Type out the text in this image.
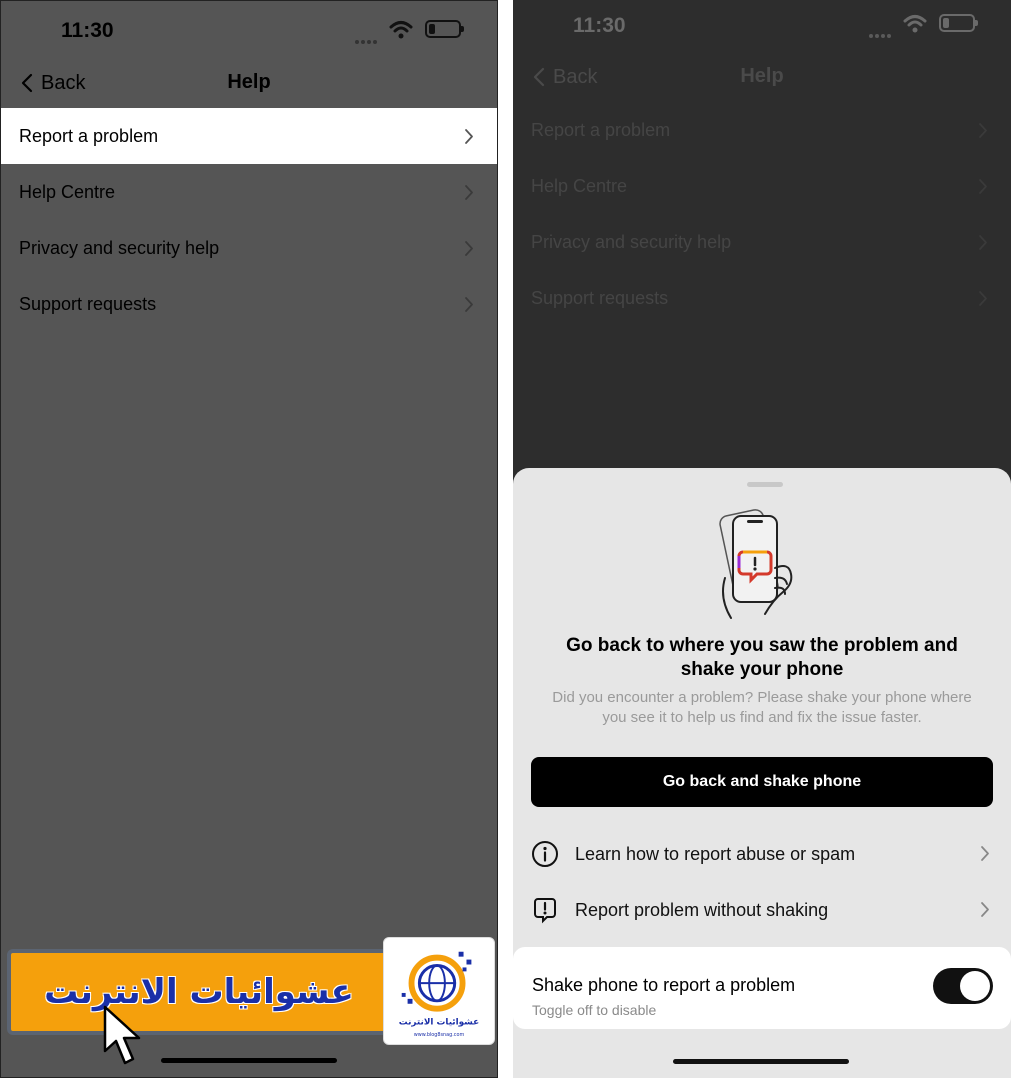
11:30
Back	Help
Report a problem
Help Centre
Privacy and security help
Support requests
عشوائيات الانترنت
عشوائيات الانترنت
www.blog8snag.com
11:30
Back	Help
Report a problem
Help Centre
Privacy and security help
Support requests
Go back to where you saw the problem and shake your phone
Did you encounter a problem? Please shake your phone where you see it to help us find and fix the issue faster.
Go back and shake phone
Learn how to report abuse or spam
Report problem without shaking
Shake phone to report a problem
Toggle off to disable
